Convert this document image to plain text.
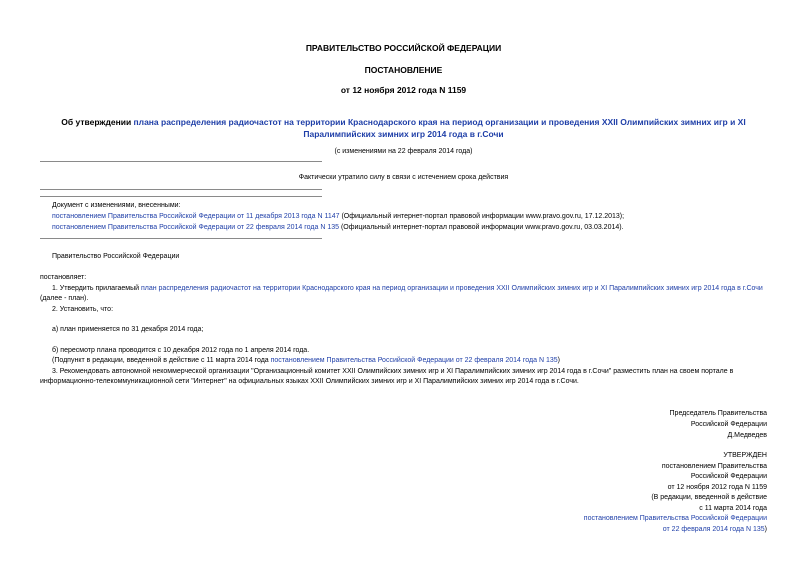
ПРАВИТЕЛЬСТВО РОССИЙСКОЙ ФЕДЕРАЦИИ
ПОСТАНОВЛЕНИЕ
от 12 ноября 2012 года N 1159
Об утверждении плана распределения радиочастот на территории Краснодарского края на период организации и проведения XXII Олимпийских зимних игр и XI Паралимпийских зимних игр 2014 года в г.Сочи
(с изменениями на 22 февраля 2014 года)
Фактически утратило силу в связи с истечением срока действия
Документ с изменениями, внесенными:
постановлением Правительства Российской Федерации от 11 декабря 2013 года N 1147 (Официальный интернет-портал правовой информации www.pravo.gov.ru, 17.12.2013);
постановлением Правительства Российской Федерации от 22 февраля 2014 года N 135 (Официальный интернет-портал правовой информации www.pravo.gov.ru, 03.03.2014).
Правительство Российской Федерации
постановляет:
1. Утвердить прилагаемый план распределения радиочастот на территории Краснодарского края на период организации и проведения XXII Олимпийских зимних игр и XI Паралимпийских зимних игр 2014 года в г.Сочи (далее - план).
2. Установить, что:
а) план применяется по 31 декабря 2014 года;
б) пересмотр плана проводится с 10 декабря 2012 года по 1 апреля 2014 года.
(Подпункт в редакции, введенной в действие с 11 марта 2014 года постановлением Правительства Российской Федерации от 22 февраля 2014 года N 135)
3. Рекомендовать автономной некоммерческой организации "Организационный комитет XXII Олимпийских зимних игр и XI Паралимпийских зимних игр 2014 года в г.Сочи" разместить план на своем портале в информационно-телекоммуникационной сети "Интернет" на официальных языках XXII Олимпийских зимних игр и XI Паралимпийских зимних игр 2014 года в г.Сочи.
Председатель Правительства
Российской Федерации
Д.Медведев
УТВЕРЖДЕН
постановлением Правительства
Российской Федерации
от 12 ноября 2012 года N 1159
(В редакции, введенной в действие
с 11 марта 2014 года
постановлением Правительства Российской Федерации
от 22 февраля 2014 года N 135)
